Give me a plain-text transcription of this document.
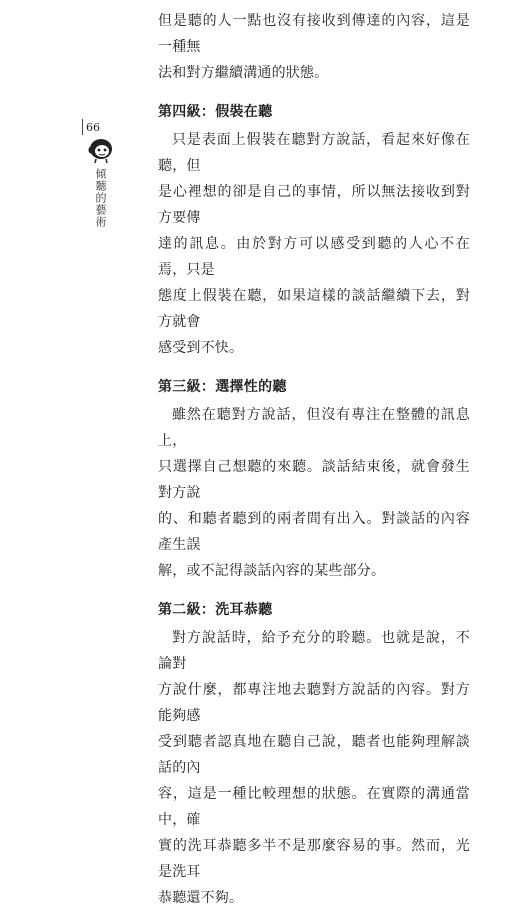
66
傾聽的藝術

但是聽的人一點也沒有接收到傳達的內容，這是一種無

法和對方繼續溝通的狀態。

第四級：假裝在聽

只是表面上假裝在聽對方說話，看起來好像在聽，但

是心裡想的卻是自己的事情，所以無法接收到對方要傳

達的訊息。由於對方可以感受到聽的人心不在焉，只是

態度上假裝在聽，如果這樣的談話繼續下去，對方就會

感受到不快。

第三級：選擇性的聽

雖然在聽對方說話，但沒有專注在整體的訊息上，

只選擇自己想聽的來聽。談話結束後，就會發生對方說

的、和聽者聽到的兩者間有出入。對談話的內容產生誤

解，或不記得談話內容的某些部分。

第二級：洗耳恭聽

對方說話時，給予充分的聆聽。也就是說，不論對

方說什麼，都專注地去聽對方說話的內容。對方能夠感

受到聽者認真地在聽自己說，聽者也能夠理解談話的內

容，這是一種比較理想的狀態。在實際的溝通當中，確

實的洗耳恭聽多半不是那麼容易的事。然而，光是洗耳

恭聽還不夠。
